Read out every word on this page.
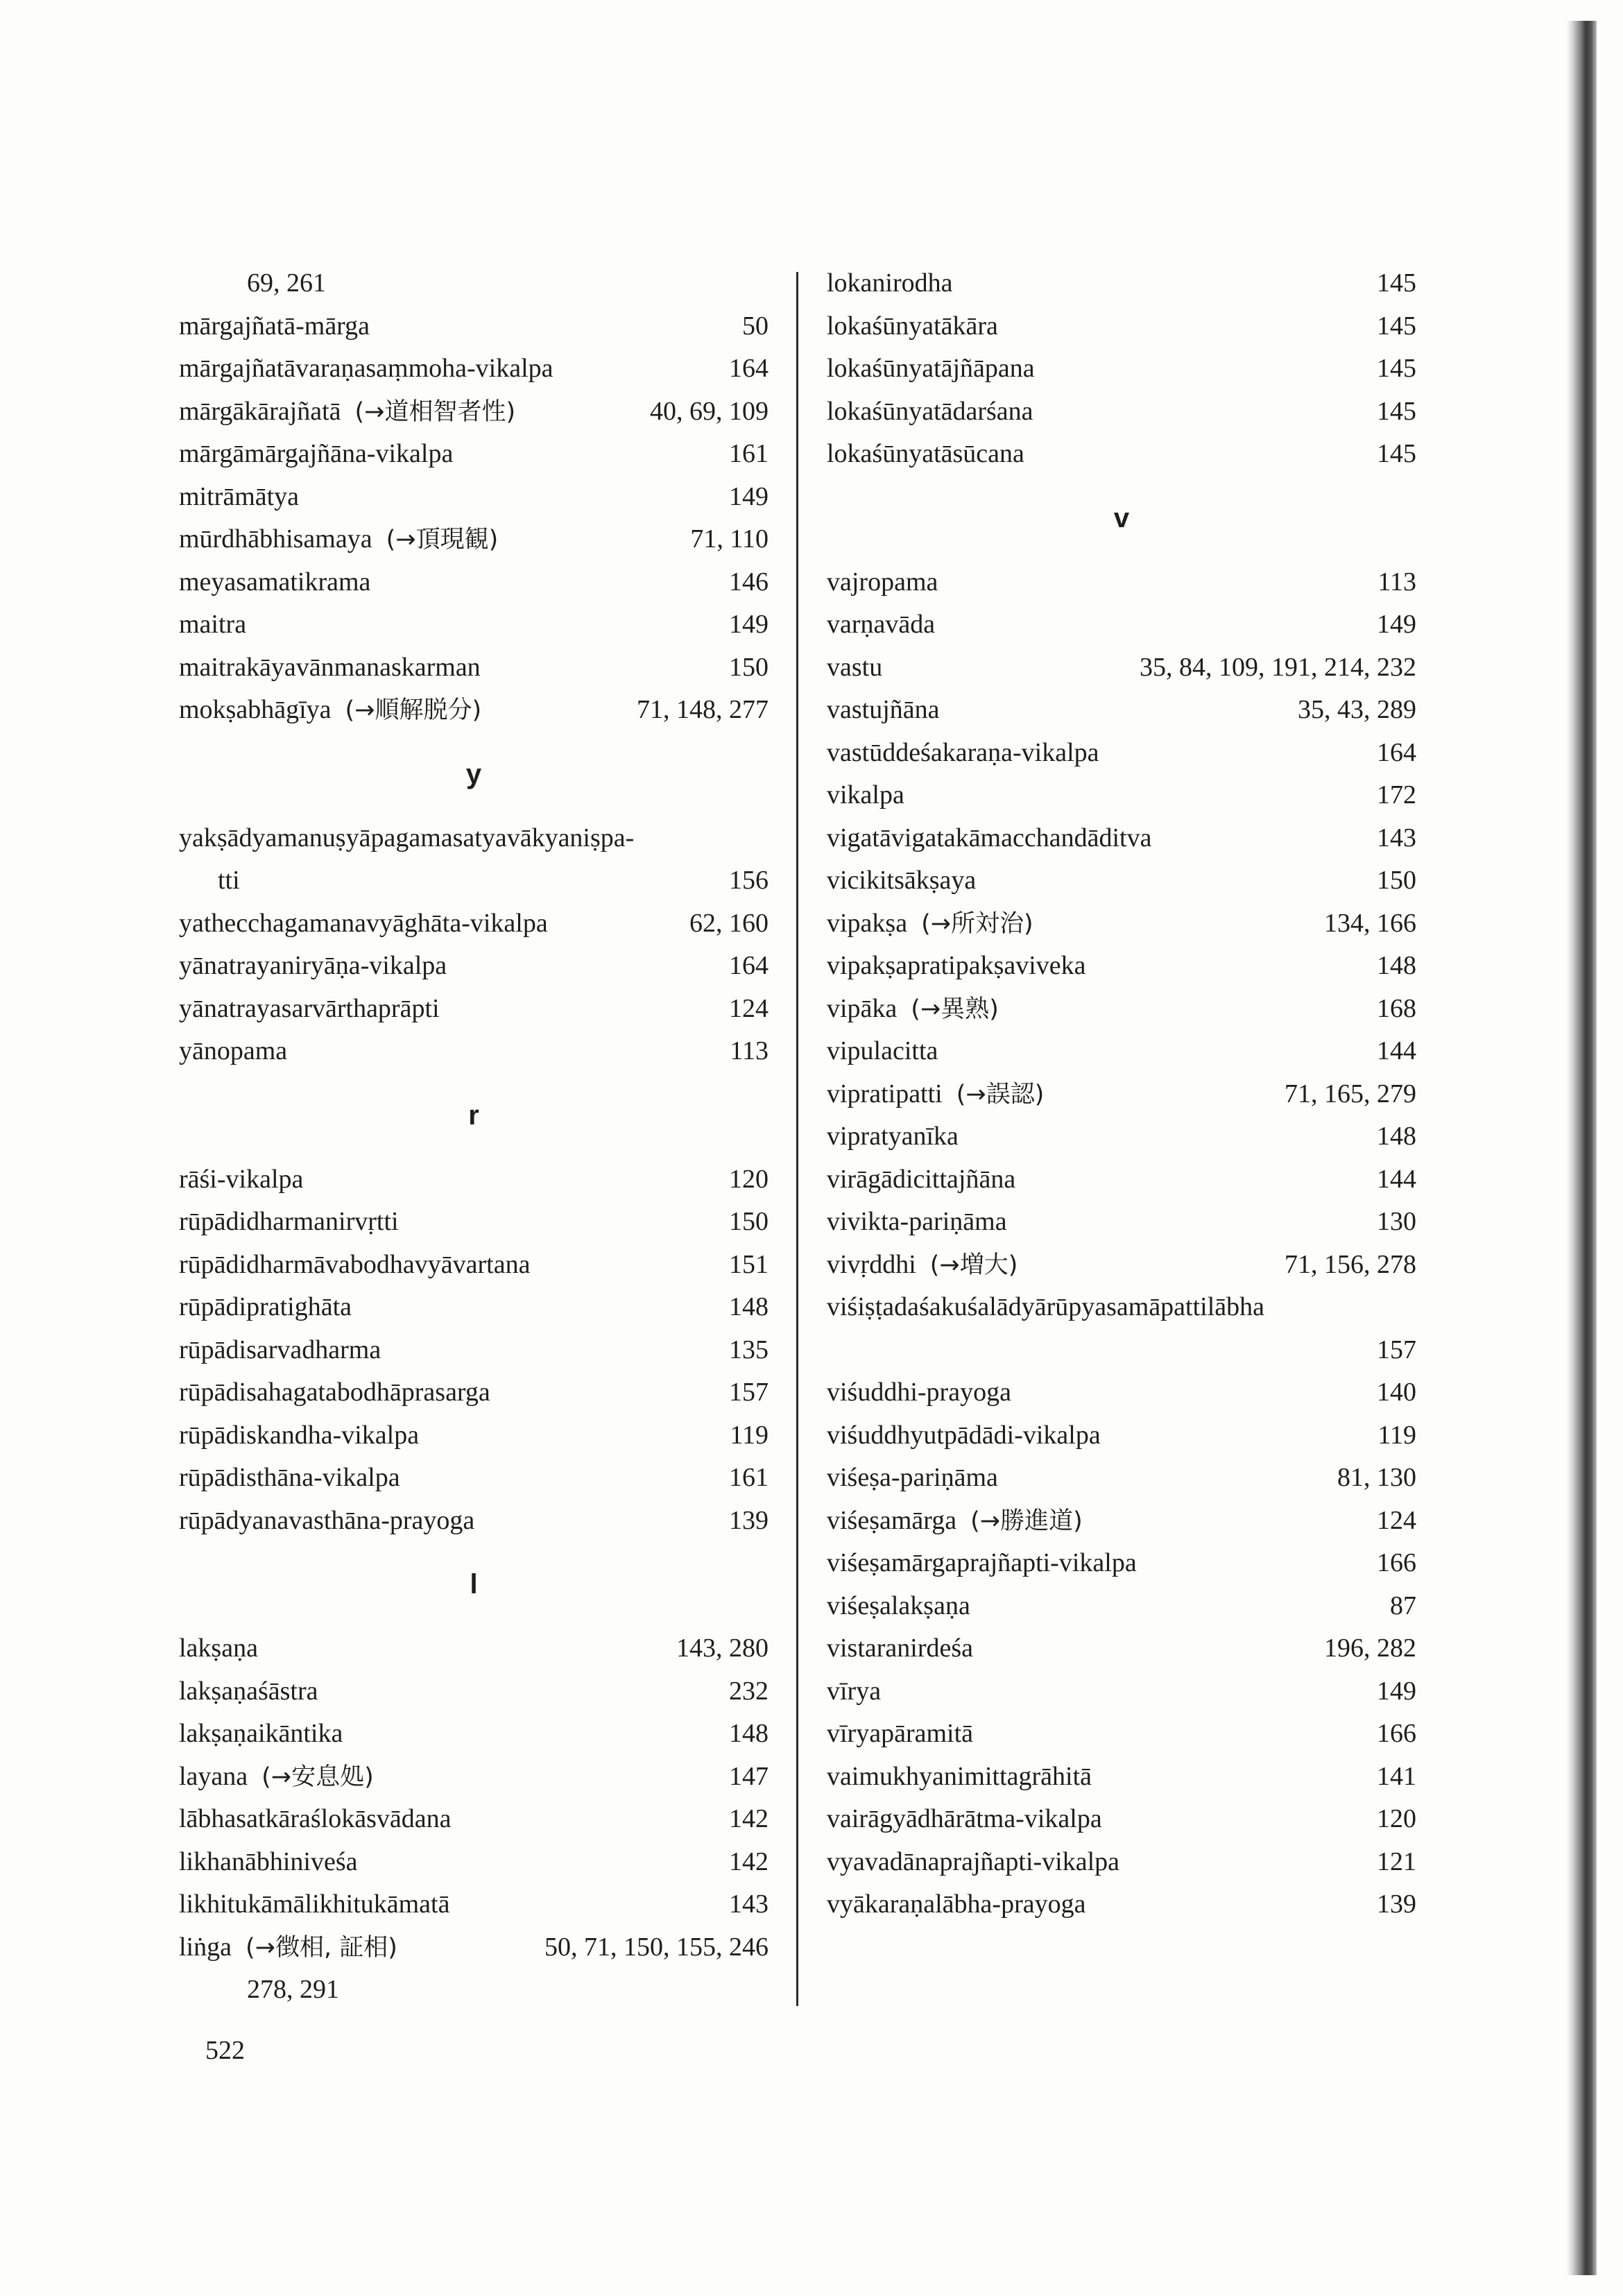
69, 261
mārgajñatā-mārga	50
mārgajñatāvaraṇasaṃmoha-vikalpa	164
mārgākārajñatā (→道相智者性)	40, 69, 109
mārgāmārgajñāna-vikalpa	161
mitrāmātya	149
mūrdhābhisamaya (→頂現観)	71, 110
meyasamatikrama	146
maitra	149
maitrakāyavānmanaskarman	150
mokṣabhāgīya (→順解脱分)	71, 148, 277
y
yakṣādyamanuṣyāpagamasatyavākyaniṣpa-
tti	156
yathecchagamanavyāghāta-vikalpa	62, 160
yānatrayaniryāṇa-vikalpa	164
yānatrayasarvārthaprāpti	124
yānopama	113
r
rāśi-vikalpa	120
rūpādidharmanirvṛtti	150
rūpādidharmāvabodhavyāvartana	151
rūpādipratighāta	148
rūpādisarvadharma	135
rūpādisahagatabodhāprasarga	157
rūpādiskandha-vikalpa	119
rūpādisthāna-vikalpa	161
rūpādyanavasthāna-prayoga	139
l
lakṣaṇa	143, 280
lakṣaṇaśāstra	232
lakṣaṇaikāntika	148
layana (→安息処)	147
lābhasatkāraślokāsvādana	142
likhanābhiniveśa	142
likhitukāmālikhitukāmatā	143
liṅga (→徴相, 証相)	50, 71, 150, 155, 246
278, 291
lokanirodha	145
lokaśūnyatākāra	145
lokaśūnyatājñāpana	145
lokaśūnyatādarśana	145
lokaśūnyatāsūcana	145
v
vajropama	113
varṇavāda	149
vastu	35, 84, 109, 191, 214, 232
vastujñāna	35, 43, 289
vastūddeśakaraṇa-vikalpa	164
vikalpa	172
vigatāvigatakāmacchandāditva	143
vicikitsākṣaya	150
vipakṣa (→所対治)	134, 166
vipakṣapratipakṣaviveka	148
vipāka (→異熟)	168
vipulacitta	144
vipratipatti (→誤認)	71, 165, 279
vipratyanīka	148
virāgādicittajñāna	144
vivikta-pariṇāma	130
vivṛddhi (→増大)	71, 156, 278
viśiṣṭadaśakuśalādyārūpyasamāpattilābha
157
viśuddhi-prayoga	140
viśuddhyutpādādi-vikalpa	119
viśeṣa-pariṇāma	81, 130
viśeṣamārga (→勝進道)	124
viśeṣamārgaprajñapti-vikalpa	166
viśeṣalakṣaṇa	87
vistaranirdeśa	196, 282
vīrya	149
vīryapāramitā	166
vaimukhyanimittagrāhitā	141
vairāgyādhārātma-vikalpa	120
vyavadānaprajñapti-vikalpa	121
vyākaraṇalābha-prayoga	139
522
